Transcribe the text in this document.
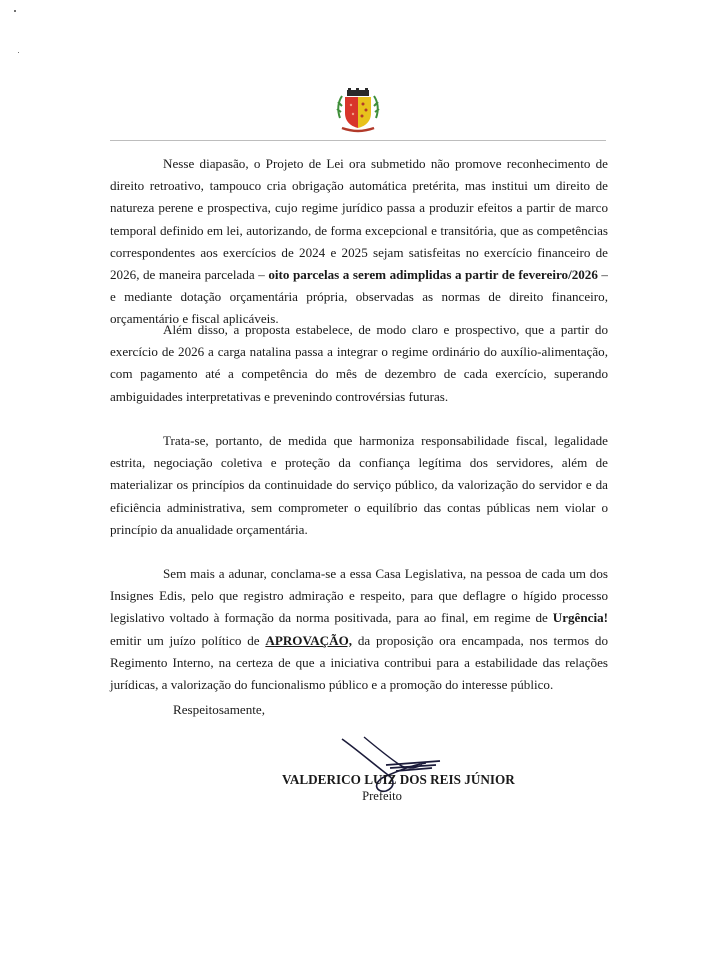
Nesse diapasão, o Projeto de Lei ora submetido não promove reconhecimento de direito retroativo, tampouco cria obrigação automática pretérita, mas institui um direito de natureza perene e prospectiva, cujo regime jurídico passa a produzir efeitos a partir de marco temporal definido em lei, autorizando, de forma excepcional e transitória, que as competências correspondentes aos exercícios de 2024 e 2025 sejam satisfeitas no exercício financeiro de 2026, de maneira parcelada – oito parcelas a serem adimplidas a partir de fevereiro/2026 – e mediante dotação orçamentária própria, observadas as normas de direito financeiro, orçamentário e fiscal aplicáveis.

Além disso, a proposta estabelece, de modo claro e prospectivo, que a partir do exercício de 2026 a carga natalina passa a integrar o regime ordinário do auxílio-alimentação, com pagamento até a competência do mês de dezembro de cada exercício, superando ambiguidades interpretativas e prevenindo controvérsias futuras.

Trata-se, portanto, de medida que harmoniza responsabilidade fiscal, legalidade estrita, negociação coletiva e proteção da confiança legítima dos servidores, além de materializar os princípios da continuidade do serviço público, da valorização do servidor e da eficiência administrativa, sem comprometer o equilíbrio das contas públicas nem violar o princípio da anualidade orçamentária.

Sem mais a adunar, conclama-se a essa Casa Legislativa, na pessoa de cada um dos Insignes Edis, pelo que registro admiração e respeito, para que deflagre o hígido processo legislativo voltado à formação da norma positivada, para ao final, em regime de Urgência! emitir um juízo político de APROVAÇÃO, da proposição ora encampada, nos termos do Regimento Interno, na certeza de que a iniciativa contribui para a estabilidade das relações jurídicas, a valorização do funcionalismo público e a promoção do interesse público.

Respeitosamente,
VALDERICO LUIZ DOS REIS JÚNIOR
Prefeito
